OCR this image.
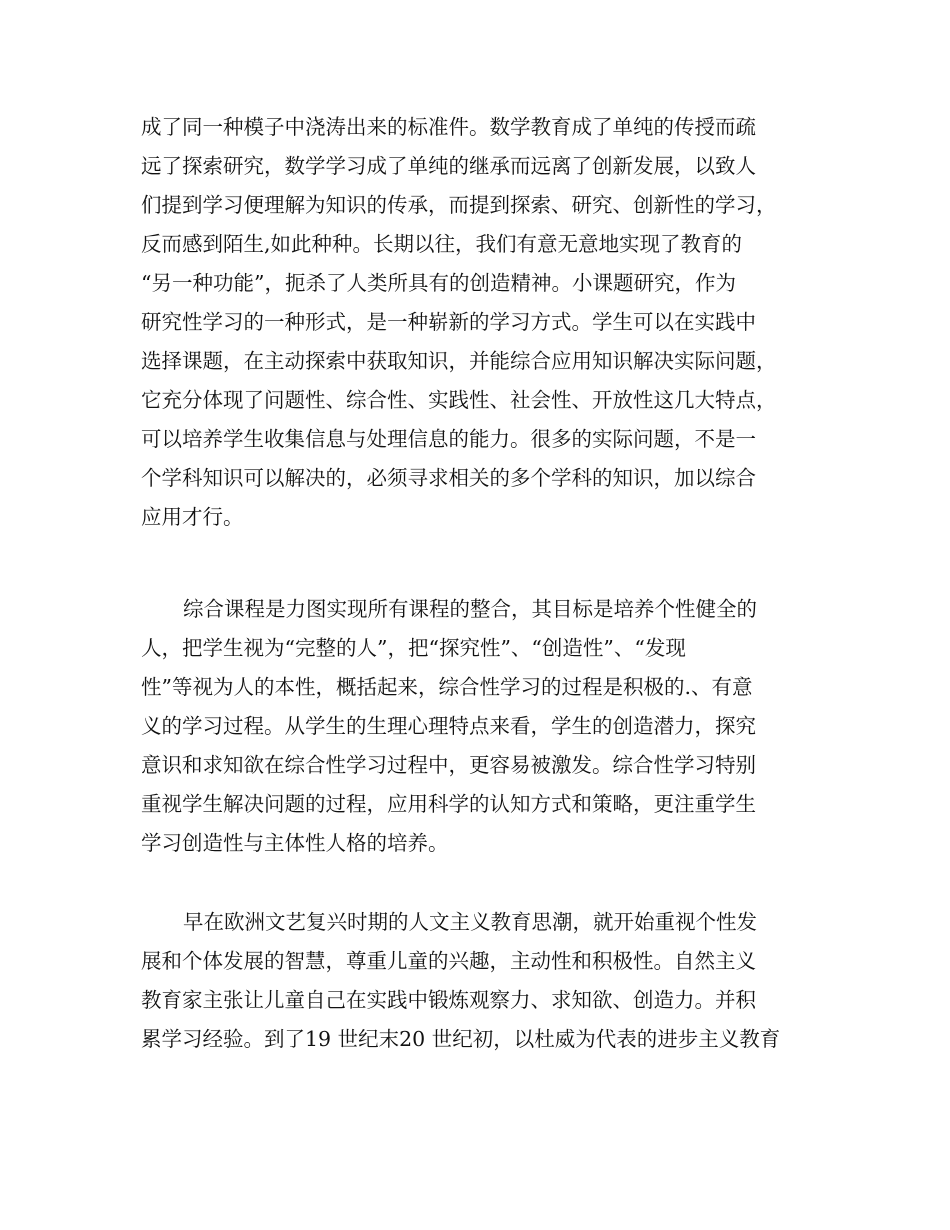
成了同一种模子中浇涛出来的标准件。数学教育成了单纯的传授而疏
远了探索研究，数学学习成了单纯的继承而远离了创新发展，以致人
们提到学习便理解为知识的传承，而提到探索、研究、创新性的学习，
反而感到陌生,如此种种。长期以往，我们有意无意地实现了教育的
“另一种功能”，扼杀了人类所具有的创造精神。小课题研究，作为
研究性学习的一种形式，是一种崭新的学习方式。学生可以在实践中
选择课题，在主动探索中获取知识，并能综合应用知识解决实际问题，
它充分体现了问题性、综合性、实践性、社会性、开放性这几大特点，
可以培养学生收集信息与处理信息的能力。很多的实际问题，不是一
个学科知识可以解决的，必须寻求相关的多个学科的知识，加以综合
应用才行。
综合课程是力图实现所有课程的整合，其目标是培养个性健全的
人，把学生视为“完整的人”，把“探究性”、“创造性”、“发现
性”等视为人的本性，概括起来，综合性学习的过程是积极的.、有意
义的学习过程。从学生的生理心理特点来看，学生的创造潜力，探究
意识和求知欲在综合性学习过程中，更容易被激发。综合性学习特别
重视学生解决问题的过程，应用科学的认知方式和策略，更注重学生
学习创造性与主体性人格的培养。
早在欧洲文艺复兴时期的人文主义教育思潮，就开始重视个性发
展和个体发展的智慧，尊重儿童的兴趣，主动性和积极性。自然主义
教育家主张让儿童自己在实践中锻炼观察力、求知欲、创造力。并积
累学习经验。到了19 世纪末20 世纪初，以杜威为代表的进步主义教育
